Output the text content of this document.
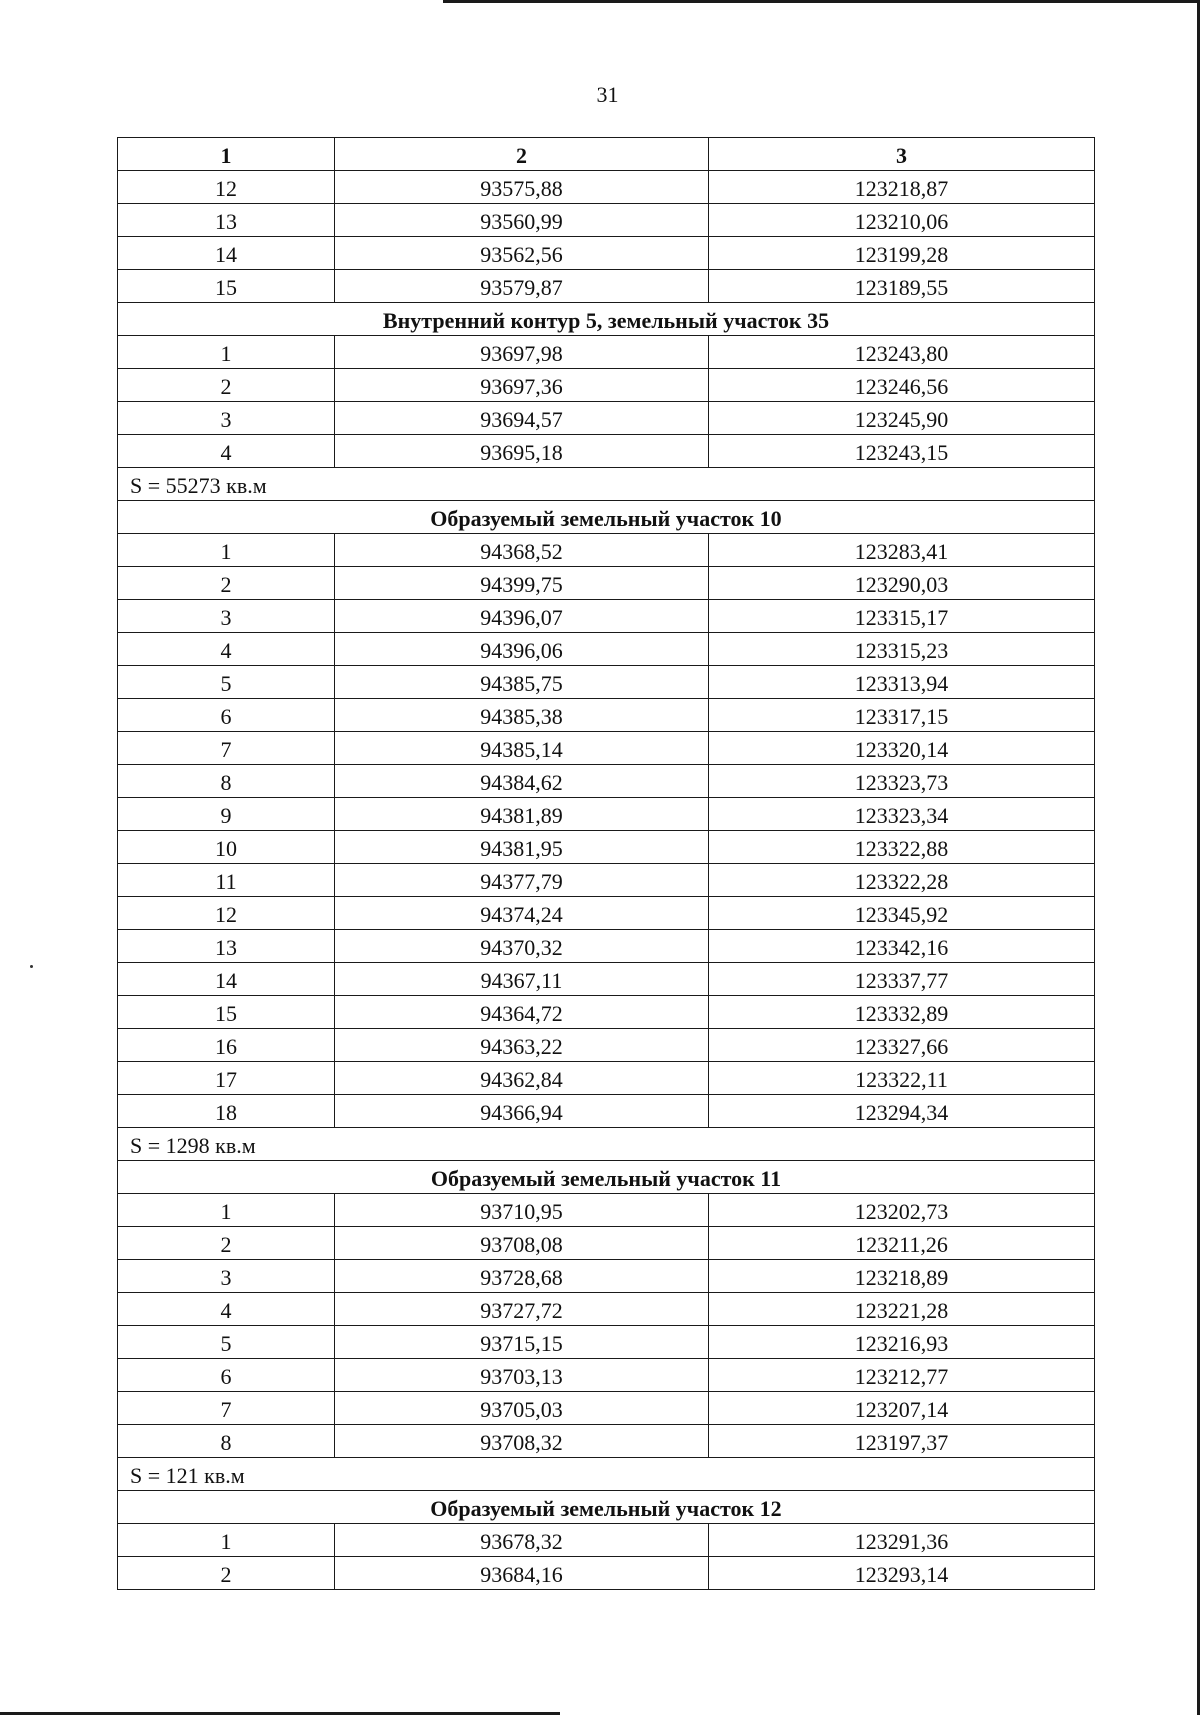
31
1	2	3
12	93575,88	123218,87
13	93560,99	123210,06
14	93562,56	123199,28
15	93579,87	123189,55
Внутренний контур 5, земельный участок 35		
1	93697,98	123243,80
2	93697,36	123246,56
3	93694,57	123245,90
4	93695,18	123243,15
S = 55273 кв.м		
Образуемый земельный участок 10		
1	94368,52	123283,41
2	94399,75	123290,03
3	94396,07	123315,17
4	94396,06	123315,23
5	94385,75	123313,94
6	94385,38	123317,15
7	94385,14	123320,14
8	94384,62	123323,73
9	94381,89	123323,34
10	94381,95	123322,88
11	94377,79	123322,28
12	94374,24	123345,92
13	94370,32	123342,16
14	94367,11	123337,77
15	94364,72	123332,89
16	94363,22	123327,66
17	94362,84	123322,11
18	94366,94	123294,34
S = 1298 кв.м		
Образуемый земельный участок 11		
1	93710,95	123202,73
2	93708,08	123211,26
3	93728,68	123218,89
4	93727,72	123221,28
5	93715,15	123216,93
6	93703,13	123212,77
7	93705,03	123207,14
8	93708,32	123197,37
S = 121 кв.м		
Образуемый земельный участок 12		
1	93678,32	123291,36
2	93684,16	123293,14
